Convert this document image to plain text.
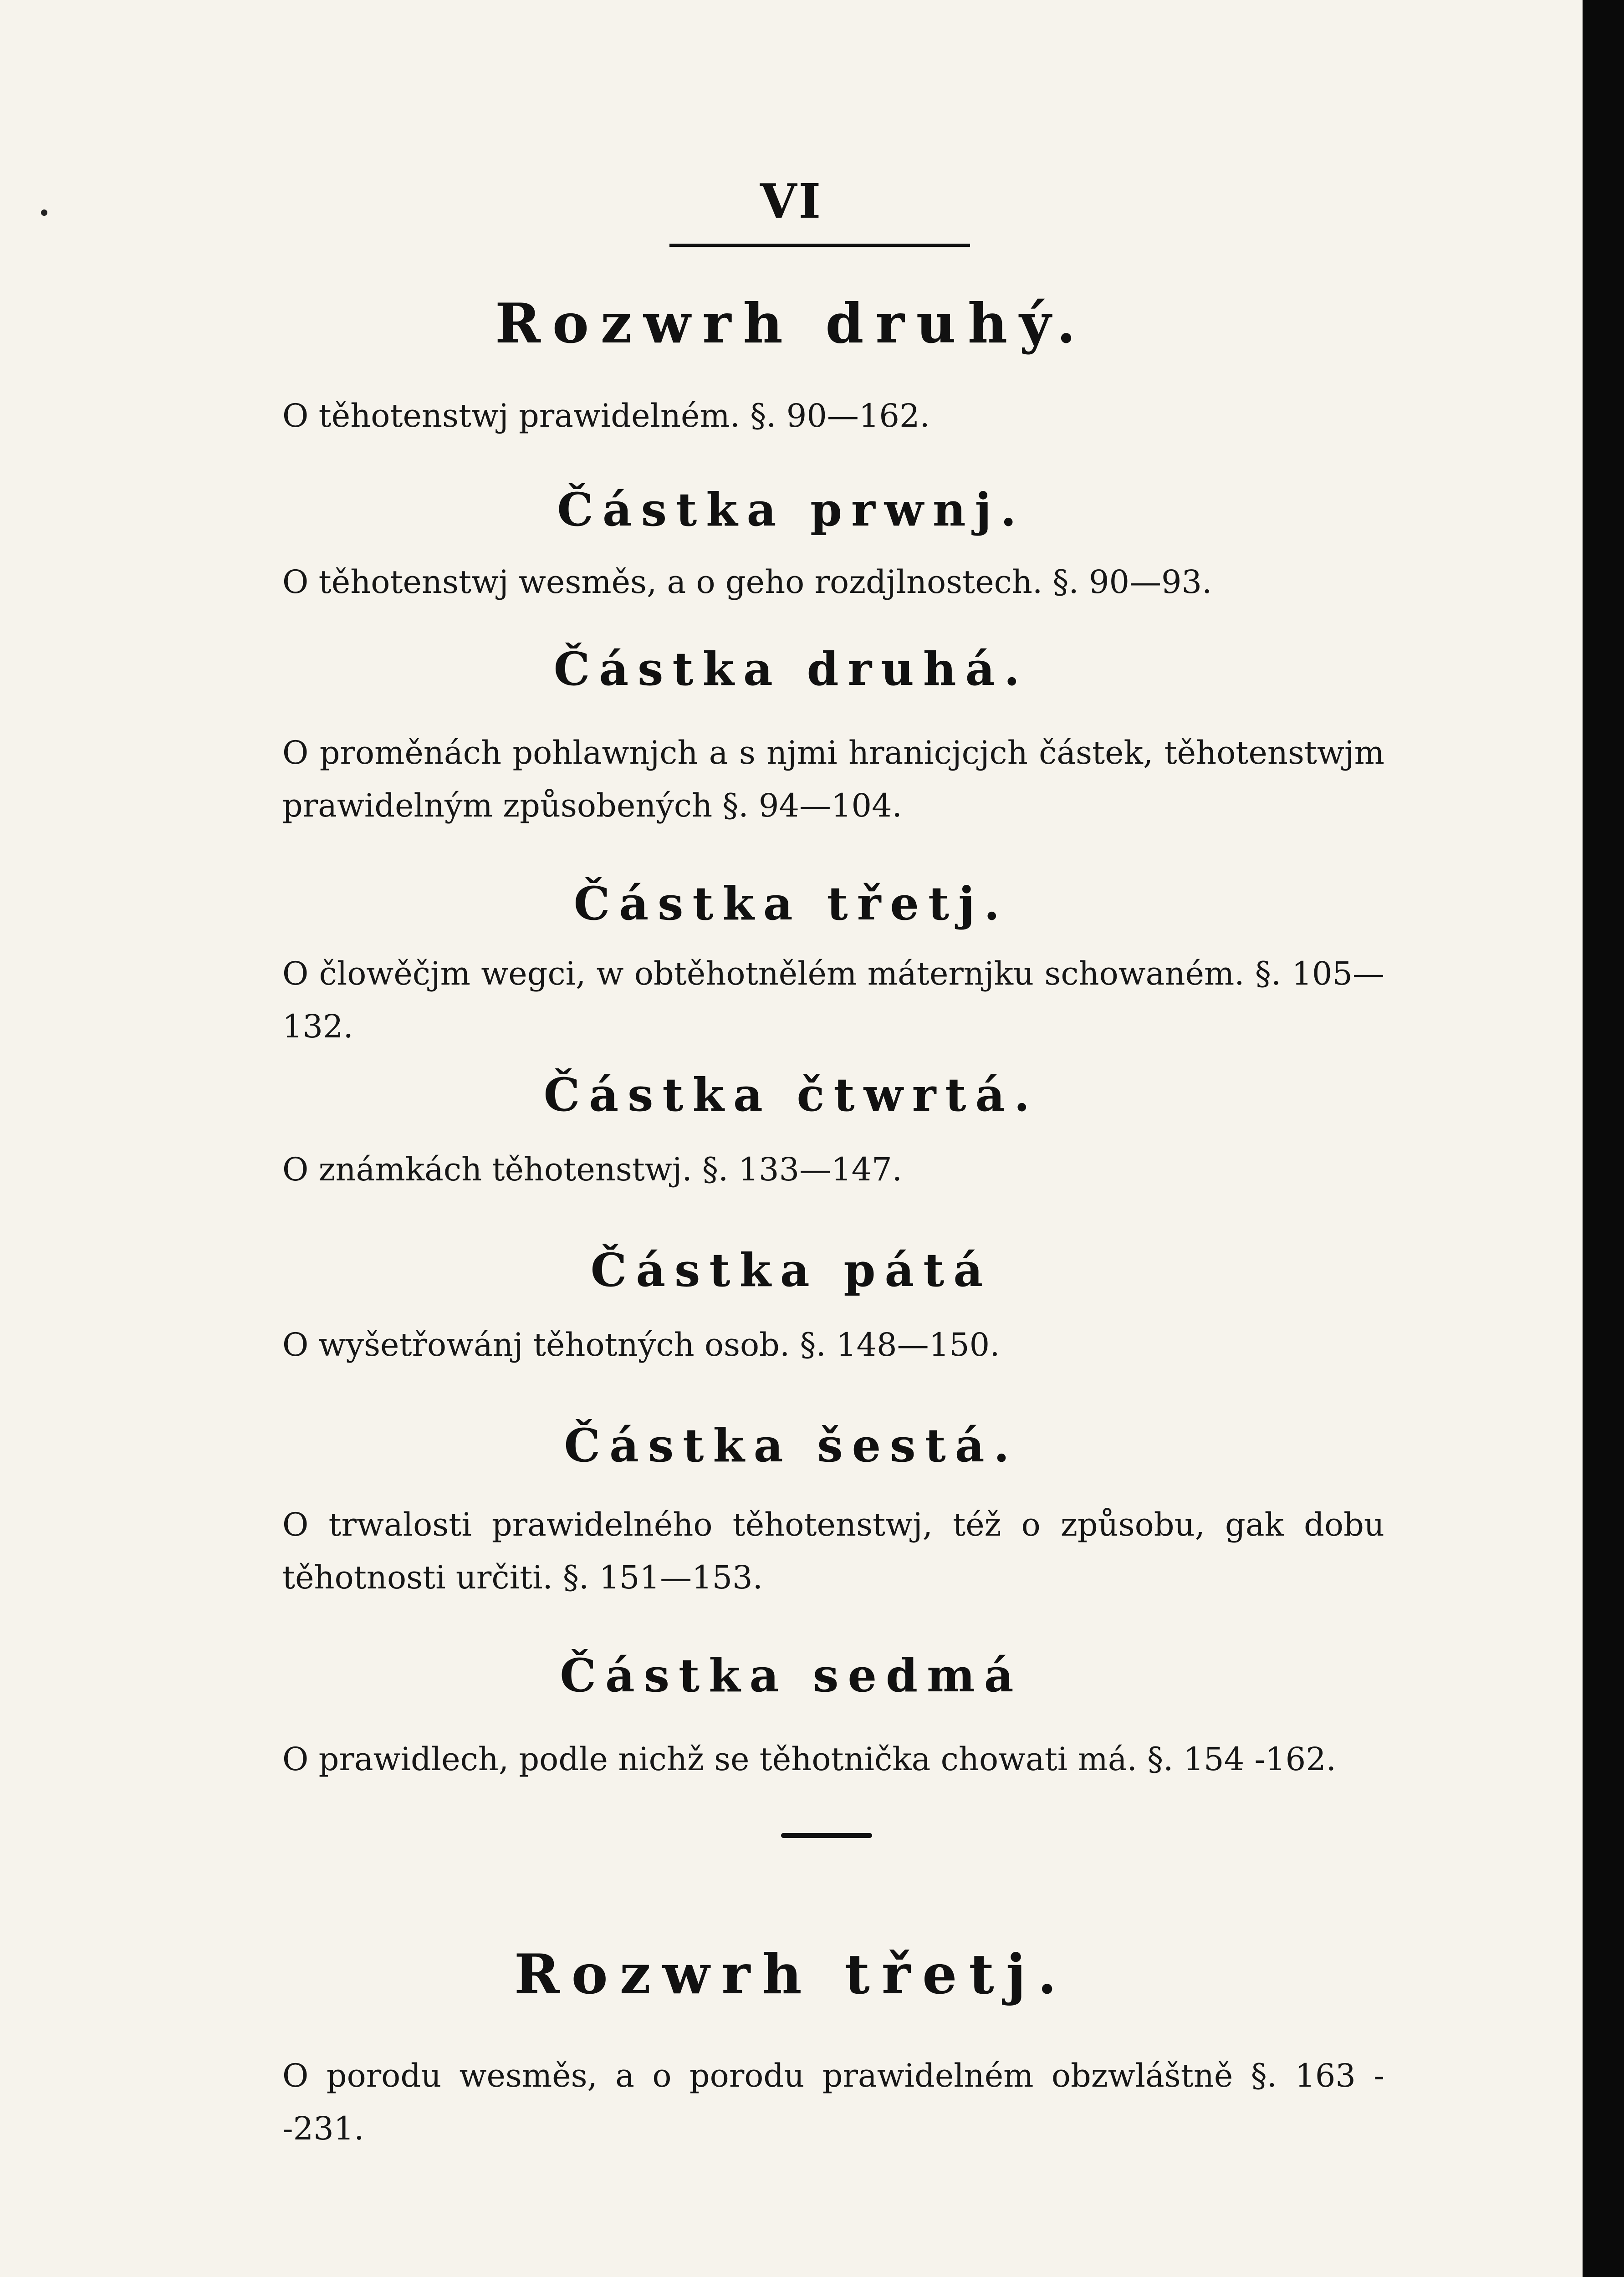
VI
Rozwrh druhý.
O těhotenstwj prawidelném. §. 90—162.
Částka prwnj.
O těhotenstwj wesměs, a o geho rozdjlnostech. §. 90—93.
Částka druhá.
O proměnách pohlawnjch a s njmi hranicjcjch částek, těhotenstwjm prawidelným způsobených §. 94—104.
Částka třetj.
O člowěčjm wegci, w obtěhotnělém máternjku schowaném. §. 105—132.
Částka čtwrtá.
O známkách těhotenstwj. §. 133—147.
Částka pátá
O wyšetřowánj těhotných osob. §. 148—150.
Částka šestá.
O trwalosti prawidelného těhotenstwj, též o způsobu, gak dobu těhotnosti určiti. §. 151—153.
Částka sedmá
O prawidlech, podle nichž se těhotnička chowati má. §. 154 -162.
Rozwrh třetj.
O porodu wesměs, a o porodu prawidelném obzwláštně §. 163 --231.
